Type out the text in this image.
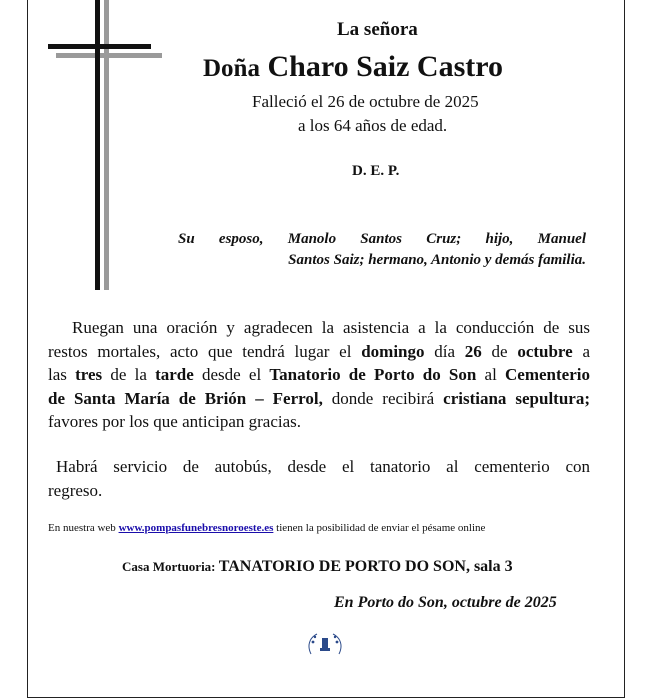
La señora
Doña Charo Saiz Castro
Falleció el 26 de octubre de 2025
a los 64 años de edad.
D. E. P.
Su esposo, Manolo Santos Cruz; hijo, Manuel
Santos Saiz; hermano, Antonio y demás familia.
Ruegan una oración y agradecen la asistencia a la conducción de sus
restos mortales, acto que tendrá lugar el domingo día 26 de octubre a
las tres de la tarde desde el Tanatorio de Porto do Son al Cementerio
de Santa María de Brión – Ferrol, donde recibirá cristiana sepultura;
favores por los que anticipan gracias.
Habrá servicio de autobús, desde el tanatorio al cementerio con
regreso.
En nuestra web www.pompasfunebresnoroeste.es tienen la posibilidad de enviar el pésame online
Casa Mortuoria: TANATORIO DE PORTO DO SON, sala 3
En Porto do Son, octubre de 2025
